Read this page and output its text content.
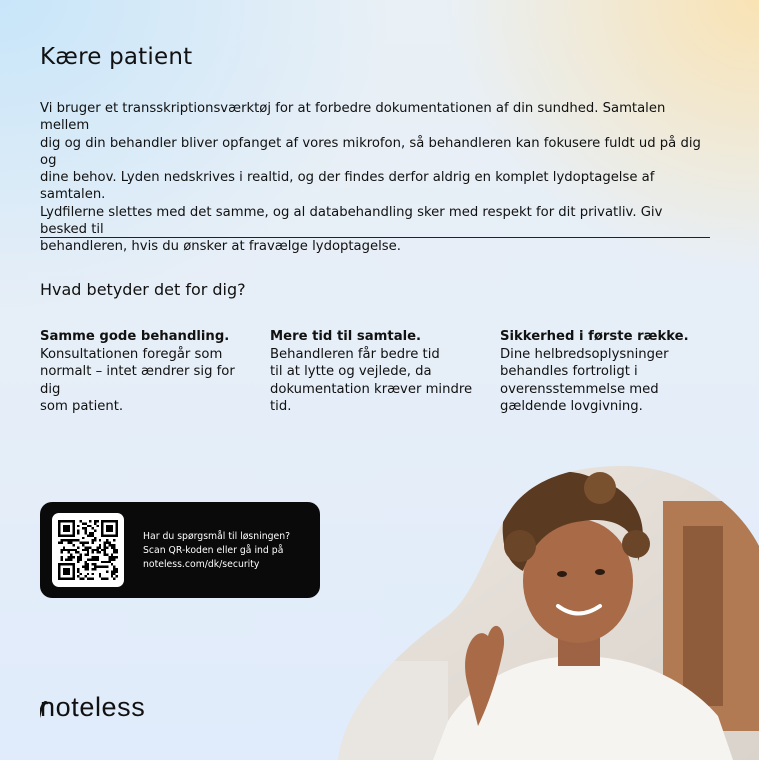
Kære patient

Vi bruger et transskriptionsværktøj for at forbedre dokumentationen af din sundhed. Samtalen mellem
dig og din behandler bliver opfanget af vores mikrofon, så behandleren kan fokusere fuldt ud på dig og
dine behov. Lyden nedskrives i realtid, og der findes derfor aldrig en komplet lydoptagelse af samtalen.
Lydfilerne slettes med det samme, og al databehandling sker med respekt for dit privatliv. Giv besked til
behandleren, hvis du ønsker at fravælge lydoptagelse.

Hvad betyder det for dig?
Samme gode behandling.
Konsultationen foregår som
normalt – intet ændrer sig for dig
som patient.
Mere tid til samtale.
Behandleren får bedre tid
til at lytte og vejlede, da
dokumentation kræver mindre
tid.
Sikkerhed i første række.
Dine helbredsoplysninger
behandles fortroligt i
overensstemmelse med
gældende lovgivning.
Har du spørgsmål til løsningen?
Scan QR-koden eller gå ind på
noteless.com/dk/security
noteless
